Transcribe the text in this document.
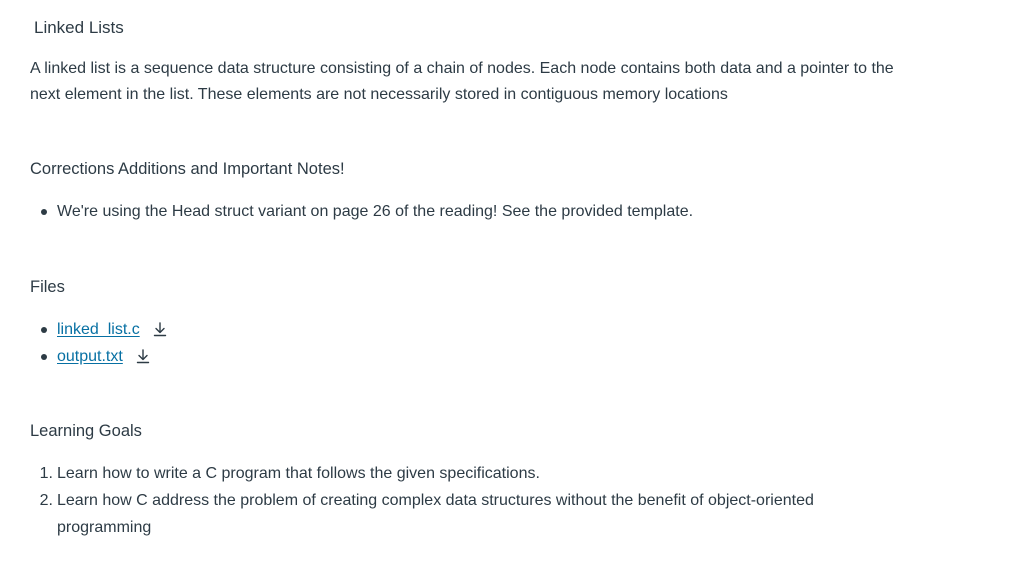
Linked Lists

A linked list is a sequence data structure consisting of a chain of nodes. Each node contains both data and a pointer to the next element in the list. These elements are not necessarily stored in contiguous memory locations

Corrections Additions and Important Notes!
We're using the Head struct variant on page 26 of the reading! See the provided template.
Files
linked_list.c
output.txt
Learning Goals
1. Learn how to write a C program that follows the given specifications.
2. Learn how C address the problem of creating complex data structures without the benefit of object-oriented programming
